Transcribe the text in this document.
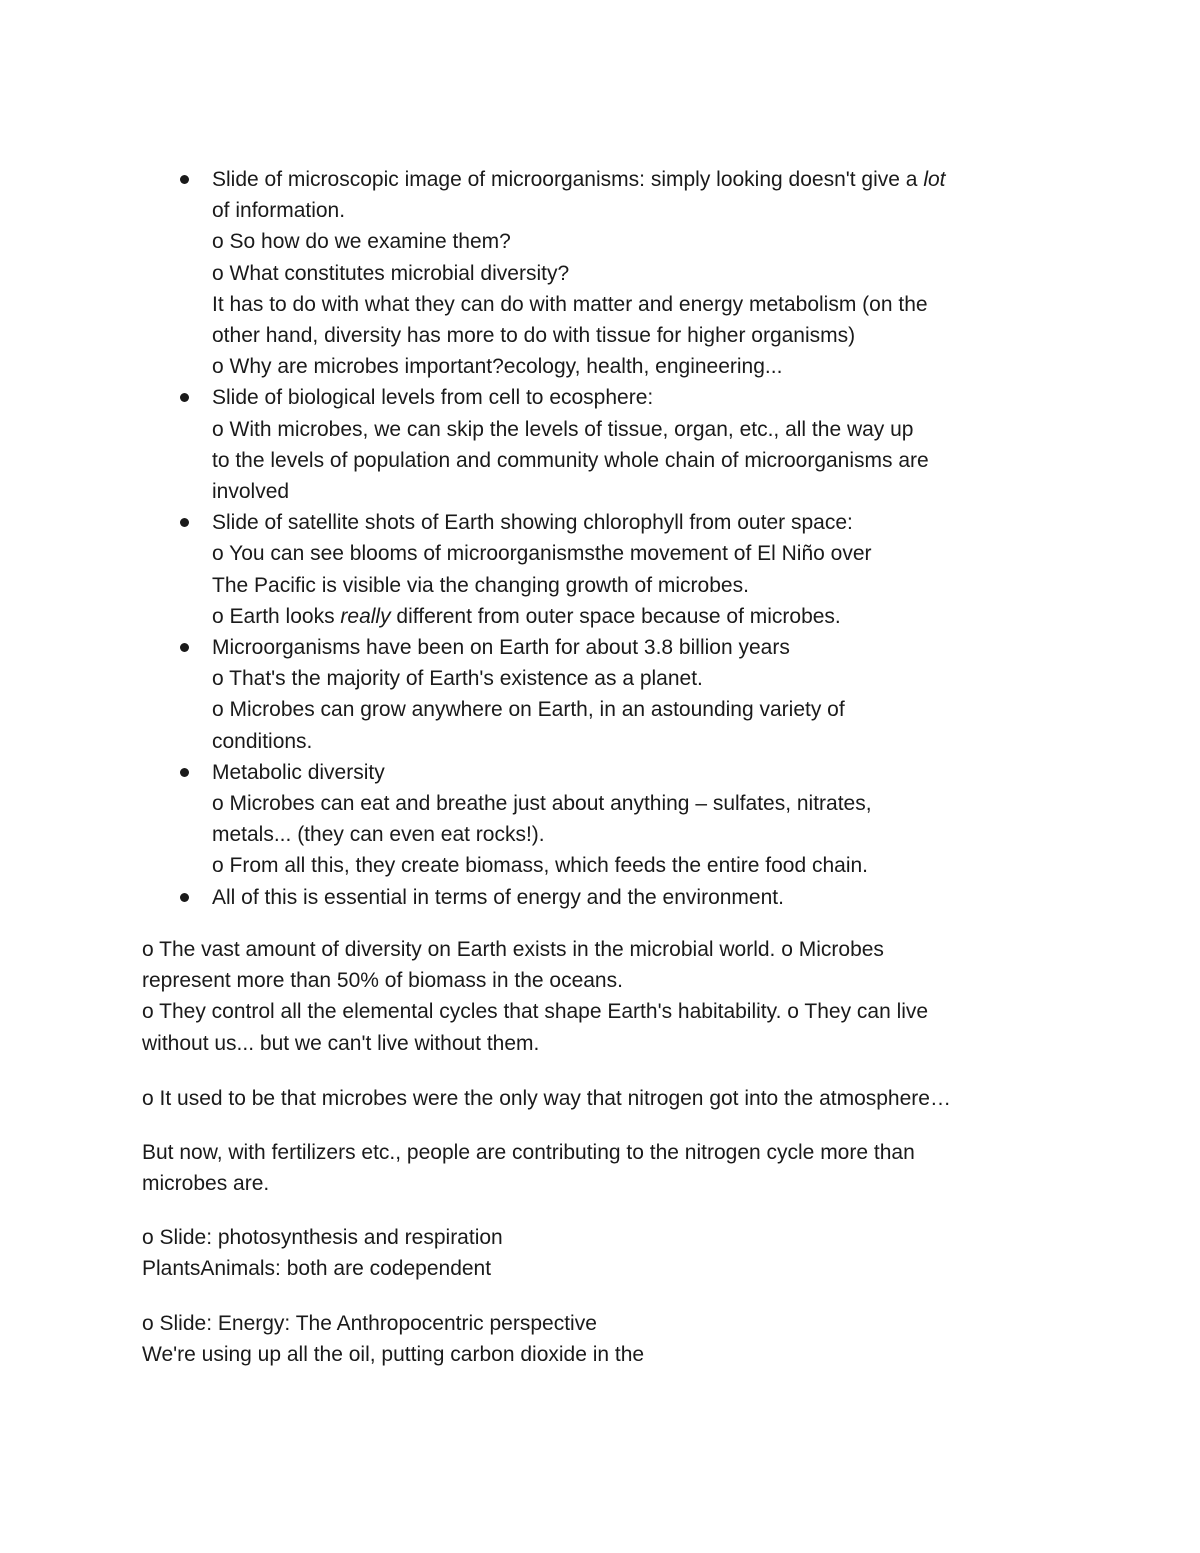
Slide of microscopic image of microorganisms: simply looking doesn't give a lot
of information.
o So how do we examine them?
o What constitutes microbial diversity?
It has to do with what they can do with matter and energy metabolism (on the
other hand, diversity has more to do with tissue for higher organisms)
o Why are microbes important?ecology, health, engineering...
Slide of biological levels from cell to ecosphere:
o With microbes, we can skip the levels of tissue, organ, etc., all the way up
to the levels of population and community whole chain of microorganisms are
involved
Slide of satellite shots of Earth showing chlorophyll from outer space:
o You can see blooms of microorganismsthe movement of El Niño over
The Pacific is visible via the changing growth of microbes.
o Earth looks really different from outer space because of microbes.
Microorganisms have been on Earth for about 3.8 billion years
o That's the majority of Earth's existence as a planet.
o Microbes can grow anywhere on Earth, in an astounding variety of
conditions.
Metabolic diversity
o Microbes can eat and breathe just about anything – sulfates, nitrates,
metals... (they can even eat rocks!).
o From all this, they create biomass, which feeds the entire food chain.
All of this is essential in terms of energy and the environment.
o The vast amount of diversity on Earth exists in the microbial world. o Microbes
represent more than 50% of biomass in the oceans.
o They control all the elemental cycles that shape Earth's habitability. o They can live
without us... but we can't live without them.
o It used to be that microbes were the only way that nitrogen got into the atmosphere…
But now, with fertilizers etc., people are contributing to the nitrogen cycle more than
microbes are.
o Slide: photosynthesis and respiration
PlantsAnimals: both are codependent
o Slide: Energy: The Anthropocentric perspective
We're using up all the oil, putting carbon dioxide in the
